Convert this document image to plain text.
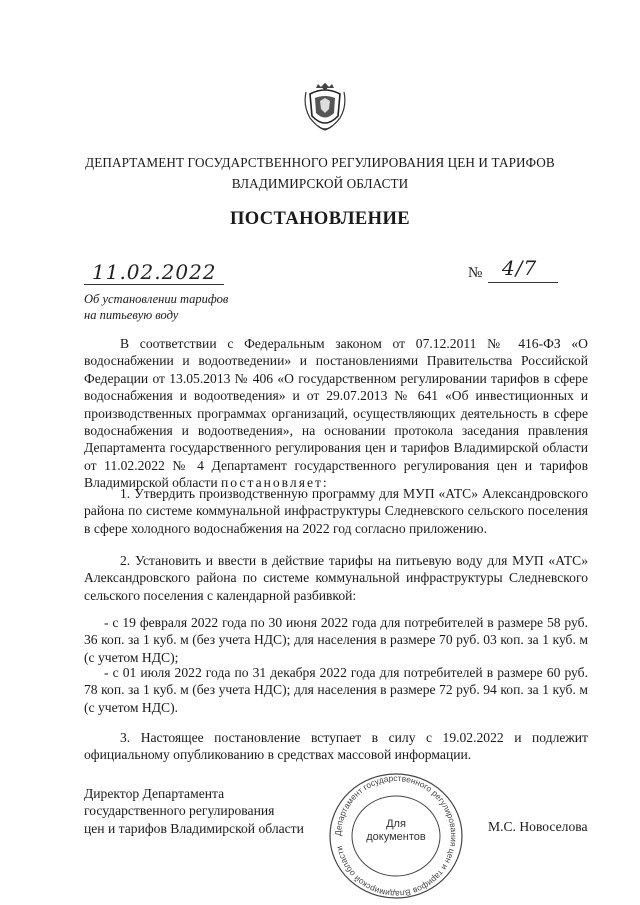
ДЕПАРТАМЕНТ ГОСУДАРСТВЕННОГО РЕГУЛИРОВАНИЯ ЦЕН И ТАРИФОВ
ВЛАДИМИРСКОЙ ОБЛАСТИ
ПОСТАНОВЛЕНИЕ
11.02.2022	№ 4/7
Об установлении тарифов
на питьевую воду

В соответствии с Федеральным законом от 07.12.2011 № 416-ФЗ «О водоснабжении и водоотведении» и постановлениями Правительства Российской Федерации от 13.05.2013 № 406 «О государственном регулировании тарифов в сфере водоснабжения и водоотведения» и от 29.07.2013 № 641 «Об инвестиционных и производственных программах организаций, осуществляющих деятельность в сфере водоснабжения и водоотведения», на основании протокола заседания правления Департамента государственного регулирования цен и тарифов Владимирской области от 11.02.2022 № 4 Департамент государственного регулирования цен и тарифов Владимирской области постановляет:

1. Утвердить производственную программу для МУП «АТС» Александровского района по системе коммунальной инфраструктуры Следневского сельского поселения в сфере холодного водоснабжения на 2022 год согласно приложению.

2. Установить и ввести в действие тарифы на питьевую воду для МУП «АТС» Александровского района по системе коммунальной инфраструктуры Следневского сельского поселения с календарной разбивкой:

- с 19 февраля 2022 года по 30 июня 2022 года для потребителей в размере 58 руб. 36 коп. за 1 куб. м (без учета НДС); для населения в размере 70 руб. 03 коп. за 1 куб. м (с учетом НДС);

- с 01 июля 2022 года по 31 декабря 2022 года для потребителей в размере 60 руб. 78 коп. за 1 куб. м (без учета НДС); для населения в размере 72 руб. 94 коп. за 1 куб. м (с учетом НДС).

3. Настоящее постановление вступает в силу с 19.02.2022 и подлежит официальному опубликованию в средствах массовой информации.

Директор Департамента
государственного регулирования
цен и тарифов Владимирской области	Департамент государственного регулирования цен и тарифов Владимирской области
Для
документов
М.С. Новоселова
